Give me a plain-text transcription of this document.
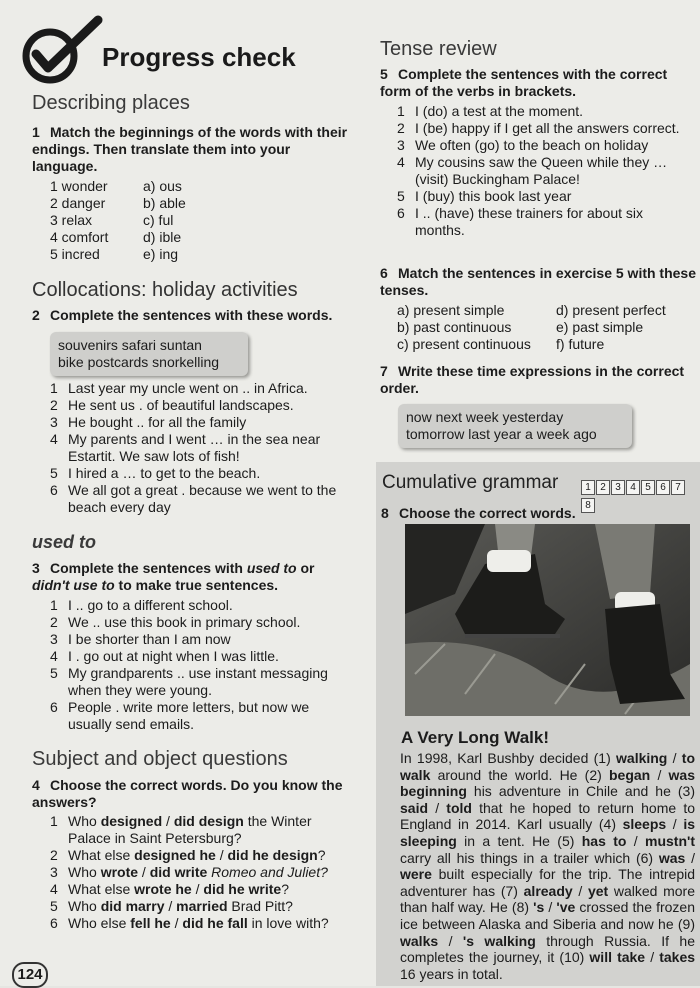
Progress check
Describing places
1 Match the beginnings of the words with their endings. Then translate them into your language.
1 wonder
2 danger
3 relax
4 comfort
5 incred
a) ous
b) able
c) ful
d) ible
e) ing
Collocations: holiday activities
2 Complete the sentences with these words.
souvenirs safari suntan
bike postcards snorkelling
1 Last year my uncle went on .. in Africa.
2 He sent us . of beautiful landscapes.
3 He bought .. for all the family
4 My parents and I went … in the sea near Estartit. We saw lots of fish!
5 I hired a … to get to the beach.
6 We all got a great . because we went to the beach every day
used to
3 Complete the sentences with used to or didn't use to to make true sentences.
1 I .. go to a different school.
2 We .. use this book in primary school.
3 I be shorter than I am now
4 I . go out at night when I was little.
5 My grandparents .. use instant messaging when they were young.
6 People . write more letters, but now we usually send emails.
Subject and object questions
4 Choose the correct words. Do you know the answers?
1 Who designed / did design the Winter Palace in Saint Petersburg?
2 What else designed he / did he design?
3 Who wrote / did write Romeo and Juliet?
4 What else wrote he / did he write?
5 Who did marry / married Brad Pitt?
6 Who else fell he / did he fall in love with?
124
Tense review
5 Complete the sentences with the correct form of the verbs in brackets.
1 I (do) a test at the moment.
2 I (be) happy if I get all the answers correct.
3 We often (go) to the beach on holiday
4 My cousins saw the Queen while they … (visit) Buckingham Palace!
5 I (buy) this book last year
6 I .. (have) these trainers for about six months.
6 Match the sentences in exercise 5 with these tenses.
a) present simple
b) past continuous
c) present continuous
d) present perfect
e) past simple
f) future
7 Write these time expressions in the correct order.
now next week yesterday
tomorrow last year a week ago
Cumulative grammar	1 2 3 4 5 6 78
8 Choose the correct words.
A Very Long Walk!
In 1998, Karl Bushby decided (1) walking / to walk around the world. He (2) began / was beginning his adventure in Chile and he (3) said / told that he hoped to return home to England in 2014. Karl usually (4) sleeps / is sleeping in a tent. He (5) has to / mustn't carry all his things in a trailer which (6) was / were built especially for the trip. The intrepid adventurer has (7) already / yet walked more than half way. He (8) 's / 've crossed the frozen ice between Alaska and Siberia and now he (9) walks / 's walking through Russia. If he completes the journey, it (10) will take / takes 16 years in total.
